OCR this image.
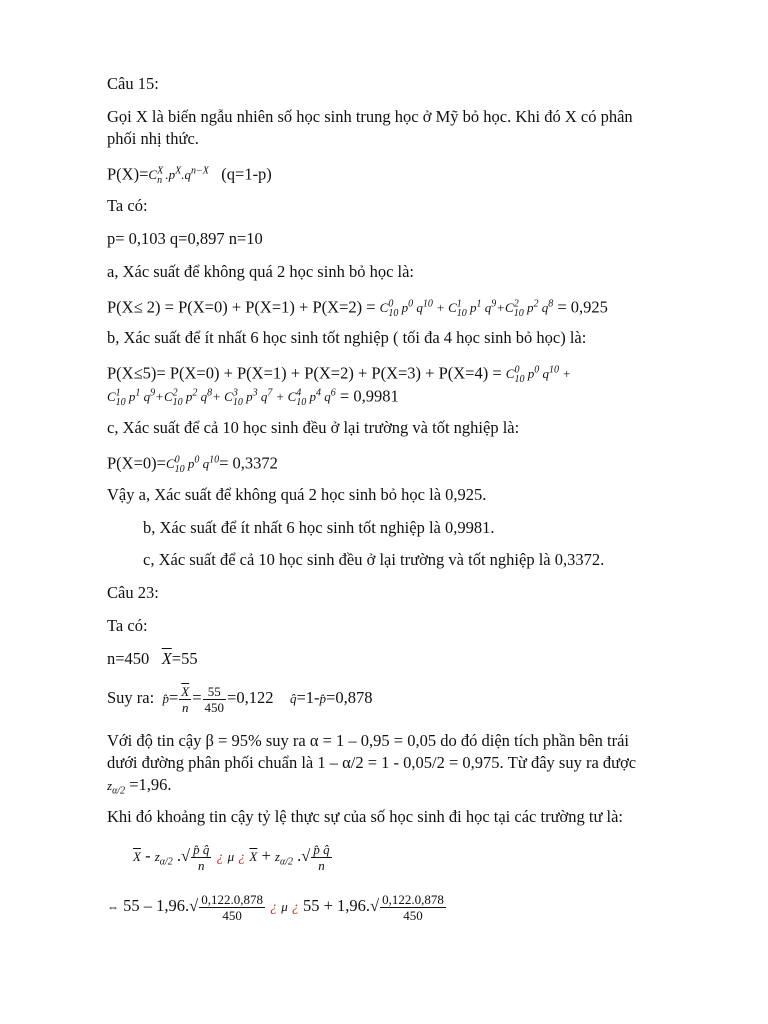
Câu 15:
Gọi X là biến ngẫu nhiên số học sinh trung học ở Mỹ bỏ học. Khi đó X có phân
phối nhị thức.
$P(X)=C^X_n$ $.p^X.q^{n-X}$ (q=1-p)
Ta có:
p= 0,103 q=0,897 n=10
a, Xác suất để không quá 2 học sinh bỏ học là:
$P(X\le 2) = P(X=0) + P(X=1) + P(X=2) = C^0_{10}$ $p^0$ $q^{10} + C^1_{10}$ $p^1$ $q^9+C^2_{10}$ $p^2$ $q^8 = 0,925$
b, Xác suất để ít nhất 6 học sinh tốt nghiệp ( tối đa 4 học sinh bỏ học) là:
$P(X\le 5)= P(X=0) + P(X=1) + P(X=2) + P(X=3) + P(X=4) = C^0_{10}$ $p^0$ $q^{10}$ +
$C^1_{10}$ $p^1$ $q^9+C^2_{10}$ $p^2$ $q^8+ C^3_{10}$ $p^3$ $q^7 + C^4_{10}$ $p^4$ $q^6 = 0,9981$
c, Xác suất để cả 10 học sinh đều ở lại trường và tốt nghiệp là:
$P(X=0)=C^0_{10}$ $p^0$ $q^{10}= 0,3372$
Vậy a, Xác suất để không quá 2 học sinh bỏ học là 0,925.
b, Xác suất để ít nhất 6 học sinh tốt nghiệp là 0,9981.
c, Xác suất để cả 10 học sinh đều ở lại trường và tốt nghiệp là 0,3372.
Câu 23:
Ta có:
n=450 $\overline{X}=55$
Suy ra: p̂= $\frac{\overline{X}}{n} = \frac{55}{450} =0,122$ q̂=1-p̂=0,878
Với độ tin cậy β = 95% suy ra α = 1 – 0,95 = 0,05 do đó diện tích phần bên trái
dưới đường phân phối chuẩn là 1 – α/2 = 1 - 0,05/2 = 0,975. Từ đây suy ra được
$z_{\alpha/2} =1,96$.
Khi đó khoảng tin cậy tỷ lệ thực sự của số học sinh đi học tại các trường tư là:
$\overline{X} - z_{\alpha/2}$ .√ $\frac{p̂ q̂}{n}$ ¿ μ ¿ $\overline{X} + z_{\alpha/2}$ .√ $\frac{p̂ q̂}{n}$
⇔ $55 - 1,96.√ \frac{0,122.0,878}{450}$ ¿ μ ¿ $55 + 1,96.√ \frac{0,122.0,878}{450}$
